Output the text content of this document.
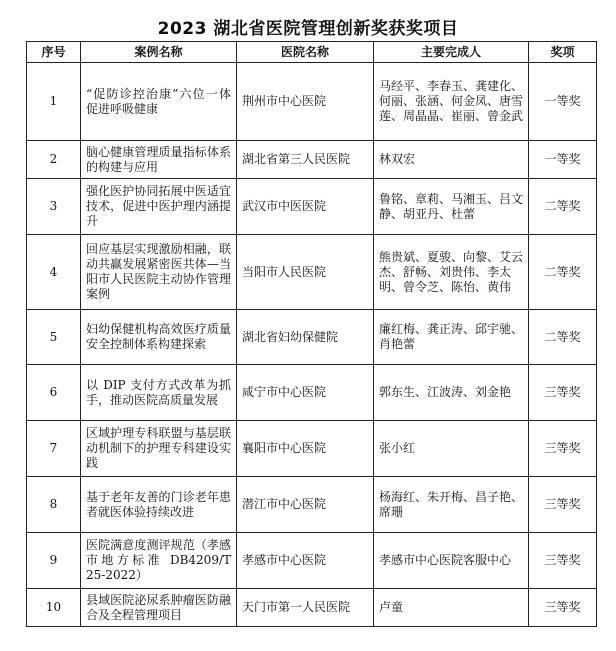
2023 湖北省医院管理创新奖获奖项目
序号	案例名称	医院名称	主要完成人	奖项
1	“促防诊控治康”六位一体　促进呼吸健康	荆州市中心医院	马经平、李春玉、龚建化、何丽、张涵、何金凤、唐雪莲、周晶晶、崔丽、曾金武	一等奖
2	脑心健康管理质量指标体系的构建与应用	湖北省第三人民医院	林双宏	一等奖
3	强化医护协同拓展中医适宜技术，促进中医护理内涵提升	武汉市中医医院	鲁铭、章莉、马湘玉、吕文静、胡亚丹、杜蕾	二等奖
4	回应基层实现激励相融，联动共赢发展紧密医共体—当阳市人民医院主动协作管理案例	当阳市人民医院	熊贵斌、夏骏、向黎、艾云杰、舒畅、刘贵伟、李太明、曾令芝、陈怡、黄伟	二等奖
5	妇幼保健机构高效医疗质量安全控制体系构建探索	湖北省妇幼保健院	廉红梅、龚正涛、邱宇驰、肖艳蕾	二等奖
6	以 DIP 支付方式改革为抓手，推动医院高质量发展	咸宁市中心医院	郭东生、江波涛、刘金艳	三等奖
7	区域护理专科联盟与基层联动机制下的护理专科建设实践	襄阳市中心医院	张小红	三等奖
8	基于老年友善的门诊老年患者就医体验持续改进	潜江市中心医院	杨海红、朱开梅、昌子艳、席珊	三等奖
9	医院满意度测评规范（孝感市地方标准 DB4209/T 25-2022）	孝感市中心医院	孝感市中心医院客服中心	三等奖
10	县域医院泌尿系肿瘤医防融合及全程管理项目	天门市第一人民医院	卢童	三等奖
